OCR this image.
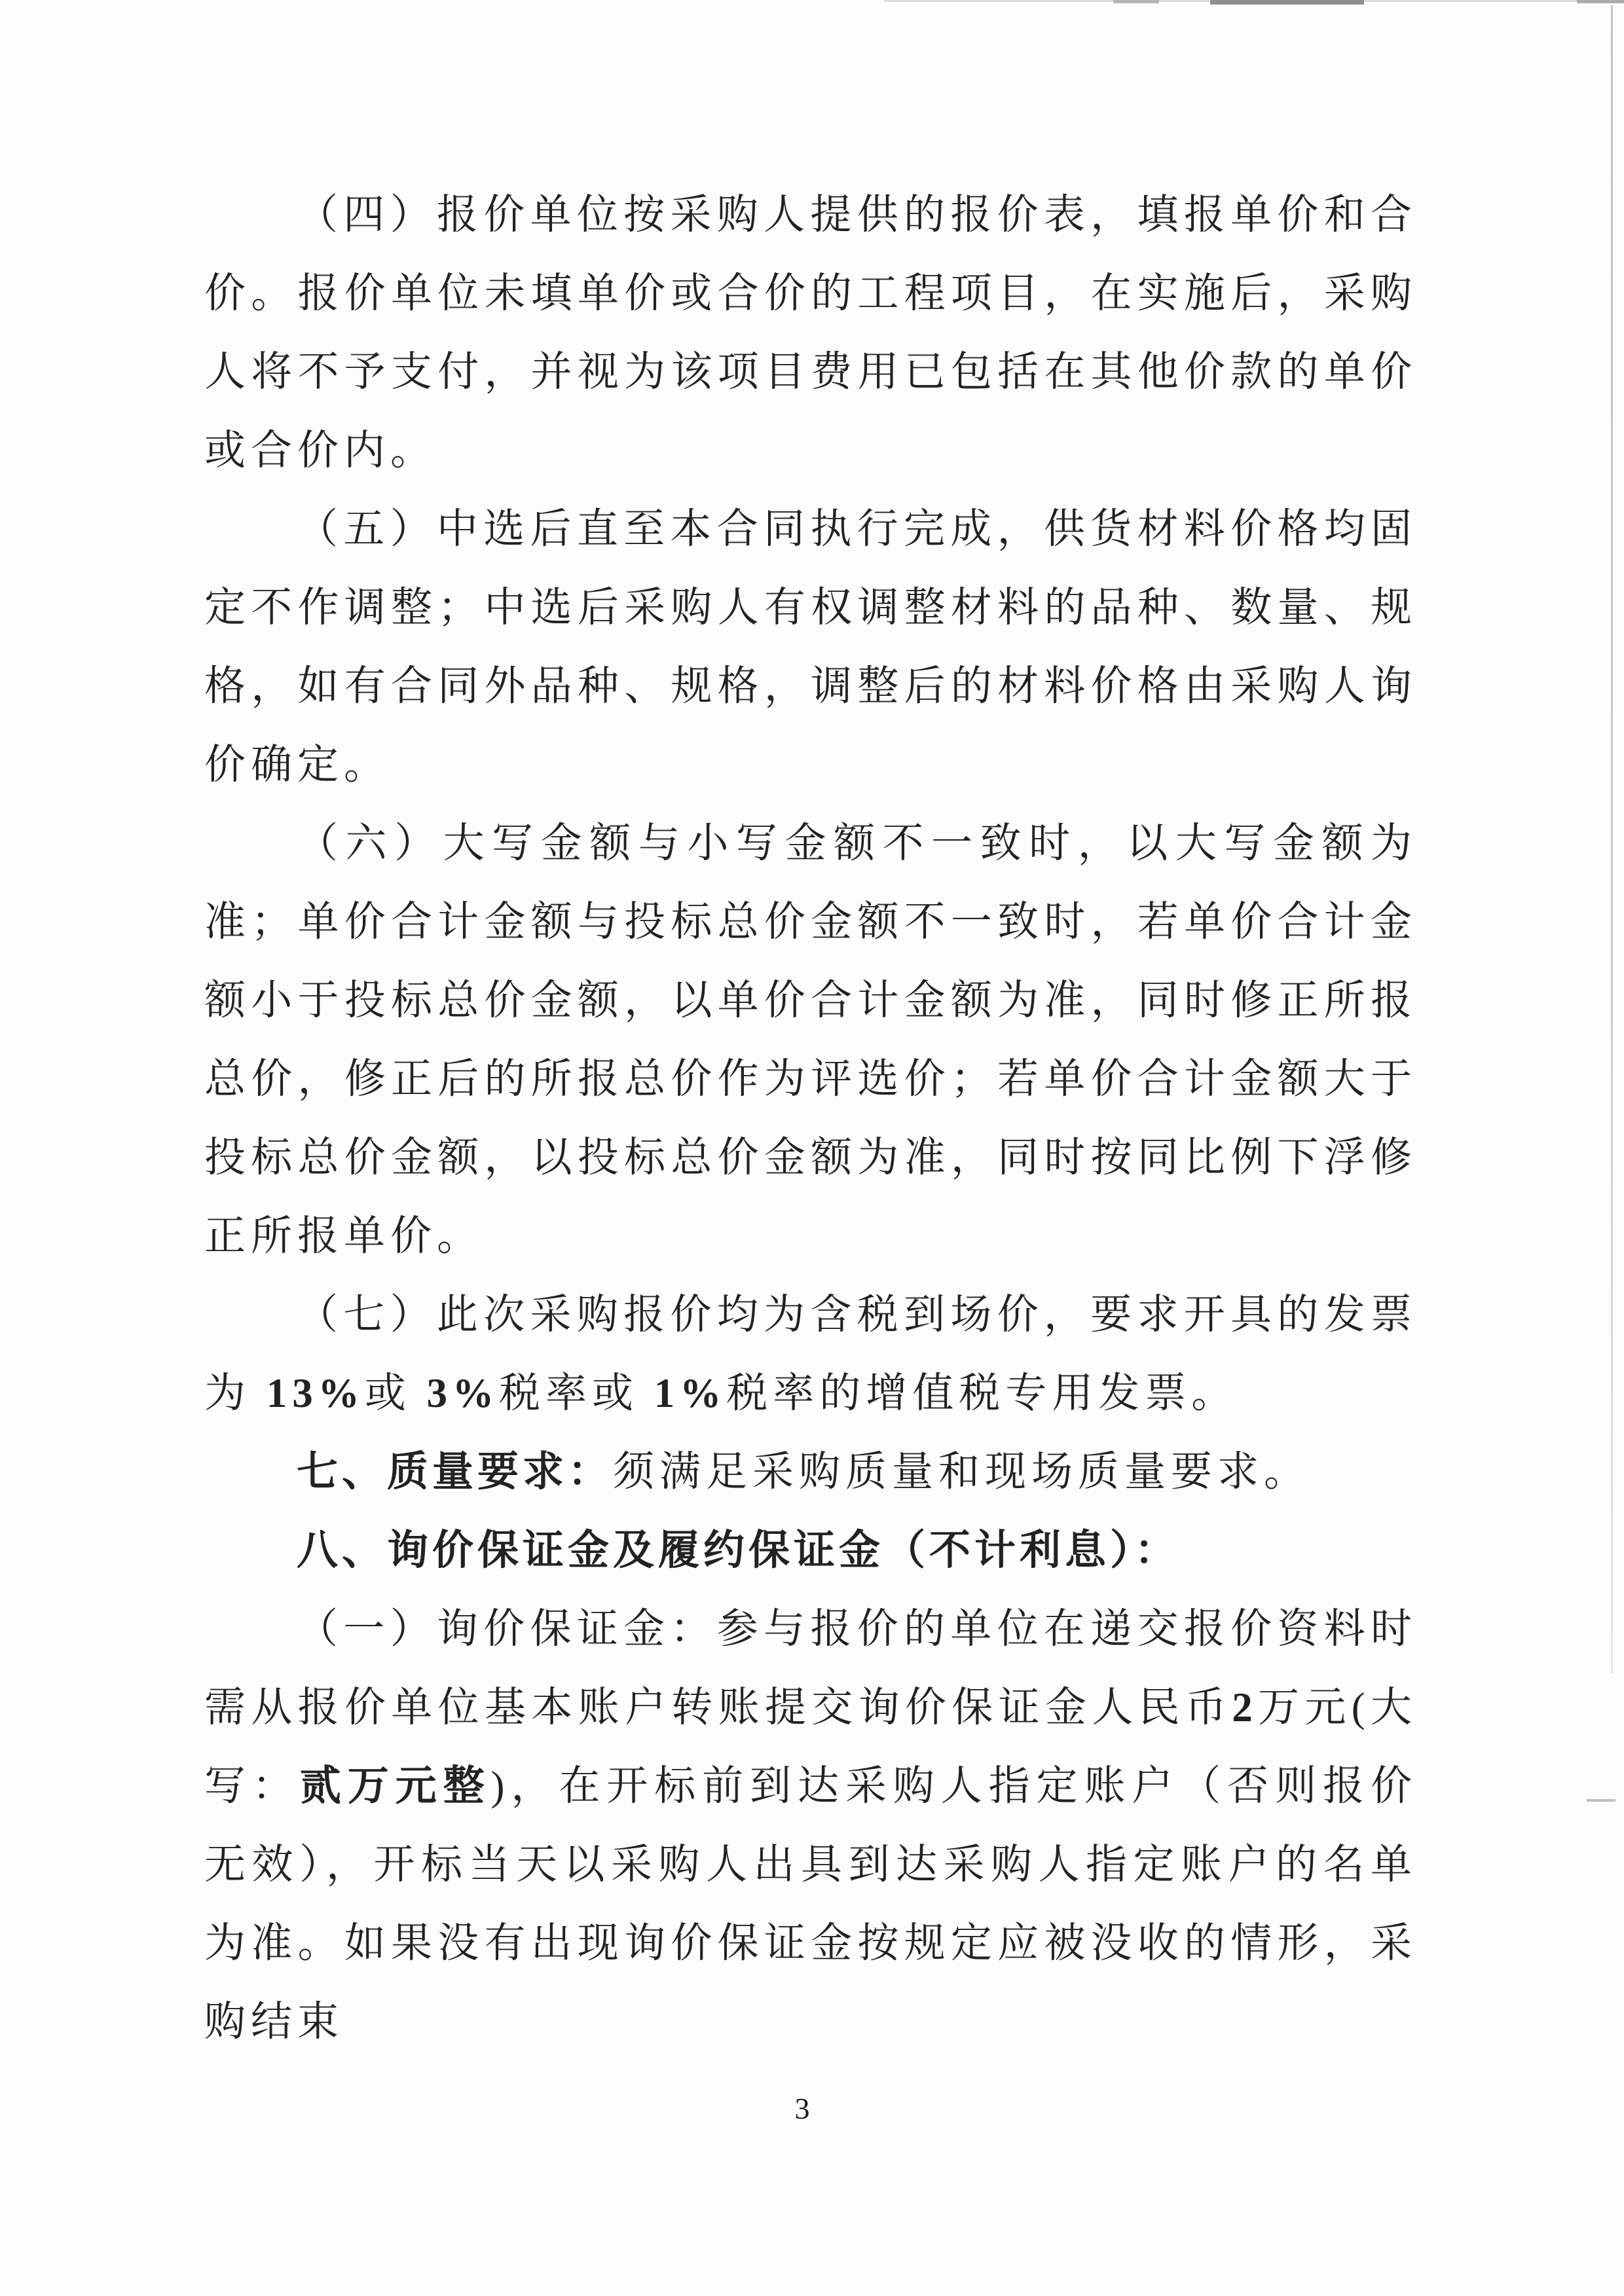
（四）报价单位按采购人提供的报价表，填报单价和合价。报价单位未填单价或合价的工程项目，在实施后，采购人将不予支付，并视为该项目费用已包括在其他价款的单价或合价内。

（五）中选后直至本合同执行完成，供货材料价格均固定不作调整；中选后采购人有权调整材料的品种、数量、规格，如有合同外品种、规格，调整后的材料价格由采购人询价确定。

（六）大写金额与小写金额不一致时，以大写金额为准；单价合计金额与投标总价金额不一致时，若单价合计金额小于投标总价金额，以单价合计金额为准，同时修正所报总价，修正后的所报总价作为评选价；若单价合计金额大于投标总价金额，以投标总价金额为准，同时按同比例下浮修正所报单价。

（七）此次采购报价均为含税到场价，要求开具的发票为 13%或 3%税率或 1%税率的增值税专用发票。

七、质量要求：须满足采购质量和现场质量要求。

八、询价保证金及履约保证金（不计利息）：

（一）询价保证金：参与报价的单位在递交报价资料时需从报价单位基本账户转账提交询价保证金人民币2万元(大写：贰万元整)，在开标前到达采购人指定账户（否则报价无效），开标当天以采购人出具到达采购人指定账户的名单为准。如果没有出现询价保证金按规定应被没收的情形，采购结束

3
